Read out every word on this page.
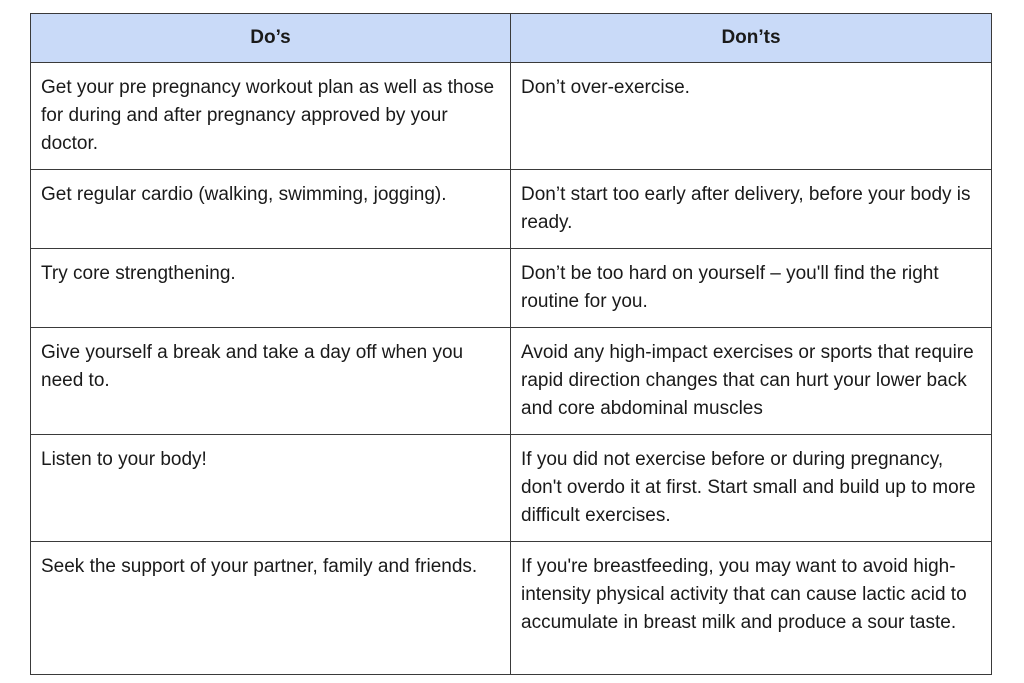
Do’s	Don’ts
Get your pre pregnancy workout plan as well as those for during and after pregnancy approved by your doctor.	Don’t over-exercise.
Get regular cardio (walking, swimming, jogging).	Don’t start too early after delivery, before your body is ready.
Try core strengthening.	Don’t be too hard on yourself – you'll find the right routine for you.
Give yourself a break and take a day off when you need to.	Avoid any high-impact exercises or sports that require rapid direction changes that can hurt your lower back and core abdominal muscles
Listen to your body!	If you did not exercise before or during pregnancy, don't overdo it at first. Start small and build up to more difficult exercises.
Seek the support of your partner, family and friends.	If you're breastfeeding, you may want to avoid high-intensity physical activity that can cause lactic acid to accumulate in breast milk and produce a sour taste.
